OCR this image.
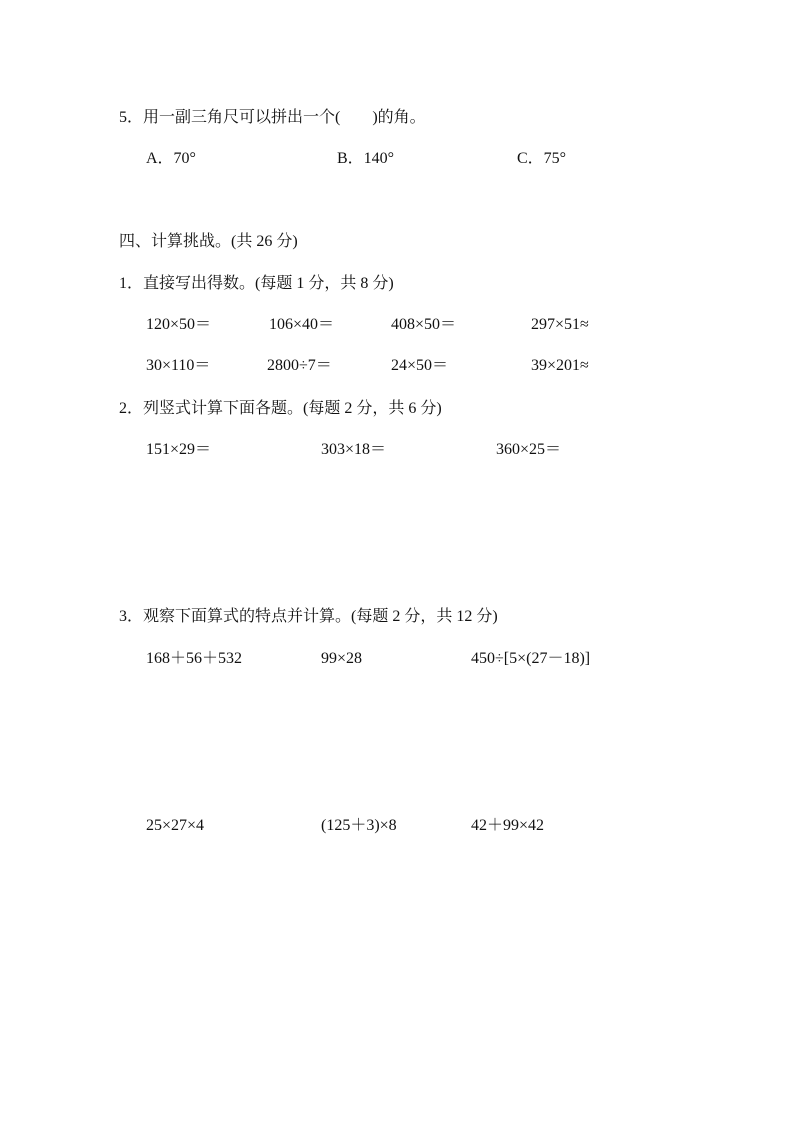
5．用一副三角尺可以拼出一个(　　)的角。
A．70°	B．140°	C．75°
四、计算挑战。(共 26 分)
1．直接写出得数。(每题 1 分，共 8 分)
120×50＝	106×40＝	408×50＝	297×51≈
30×110＝	2800÷7＝	24×50＝	39×201≈
2．列竖式计算下面各题。(每题 2 分，共 6 分)
151×29＝	303×18＝	360×25＝
3．观察下面算式的特点并计算。(每题 2 分，共 12 分)
168＋56＋532	99×28	450÷[5×(27－18)]
25×27×4	(125＋3)×8	42＋99×42
